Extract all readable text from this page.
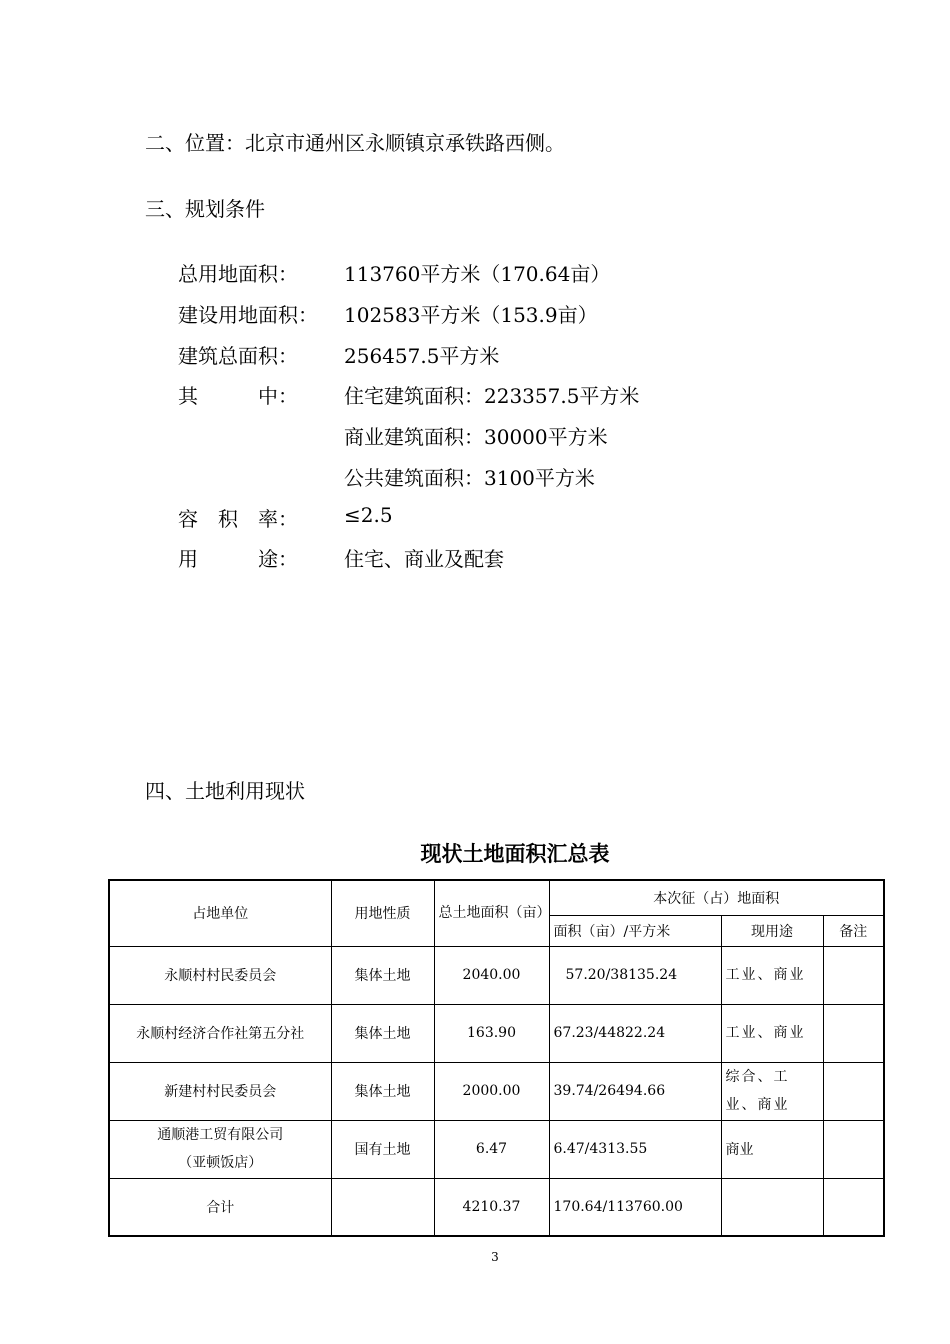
二、位置：北京市通州区永顺镇京承铁路西侧。
三、规划条件
总用地面积： 113760平方米（170.64亩）
建设用地面积： 102583平方米（153.9亩）
建筑总面积： 256457.5平方米
其　　　中： 住宅建筑面积：223357.5平方米
商业建筑面积：30000平方米
公共建筑面积：3100平方米
容　积　率： ≤2.5
用　　　途： 住宅、商业及配套
四、土地利用现状
现状土地面积汇总表
占地单位	用地性质	总土地面积（亩）	本次征（占）地面积		
			面积（亩）/平方米	现用途	备注
永顺村村民委员会	集体土地	2040.00	57.20/38135.24	工业、商业	
永顺村经济合作社第五分社	集体土地	163.90	67.23/44822.24	工业、商业	
新建村村民委员会	集体土地	2000.00	39.74/26494.66	综合、工业、商业	
通顺港工贸有限公司（亚顿饭店）	国有土地	6.47	6.47/4313.55	商业	
合计		4210.37	170.64/113760.00		
3
